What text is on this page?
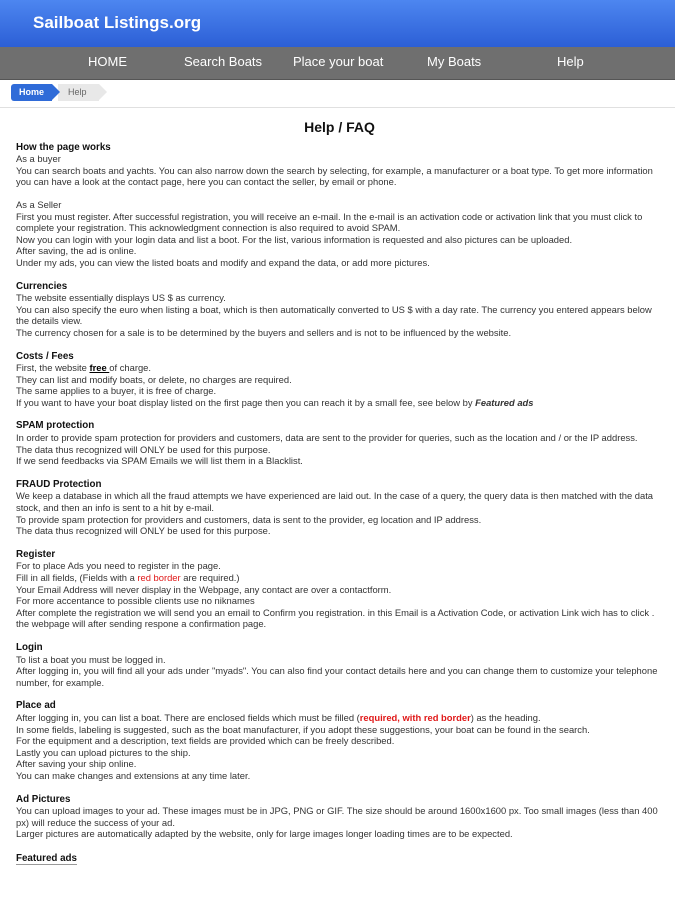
Sailboat Listings.org
HOME	Search Boats Place your boat	My Boats	Help
Help
Home
Help / FAQ
How the page works

As a buyer

You can search boats and yachts. You can also narrow down the search by selecting, for example, a manufacturer or a boat type. To get more information you can have a look at the contact page, here you can contact the seller, by email or phone.

As a Seller

First you must register. After successful registration, you will receive an e-mail. In the e-mail is an activation code or activation link that you must click to complete your registration. This acknowledgment connection is also required to avoid SPAM.

Now you can login with your login data and list a boot. For the list, various information is requested and also pictures can be uploaded.

After saving, the ad is online.

Under my ads, you can view the listed boats and modify and expand the data, or add more pictures.

Currencies

The website essentially displays US $ as currency.

You can also specify the euro when listing a boat, which is then automatically converted to US $ with a day rate. The currency you entered appears below the details view.

The currency chosen for a sale is to be determined by the buyers and sellers and is not to be influenced by the website.

Costs / Fees

First, the website free of charge.

They can list and modify boats, or delete, no charges are required.

The same applies to a buyer, it is free of charge.

If you want to have your boat display listed on the first page then you can reach it by a small fee, see below by Featured ads

SPAM protection

In order to provide spam protection for providers and customers, data are sent to the provider for queries, such as the location and / or the IP address.

The data thus recognized will ONLY be used for this purpose.

If we send feedbacks via SPAM Emails we will list them in a Blacklist.

FRAUD Protection

We keep a database in which all the fraud attempts we have experienced are laid out. In the case of a query, the query data is then matched with the data stock, and then an info is sent to a hit by e-mail.

To provide spam protection for providers and customers, data is sent to the provider, eg location and IP address.

The data thus recognized will ONLY be used for this purpose.

Register

For to place Ads you need to register in the page.

Fill in all fields, (Fields with a red border are required.)

Your Email Address will never display in the Webpage, any contact are over a contactform.

For more accentance to possible clients use no niknames

After complete the registration we will send you an email to Confirm you registration. in this Email is a Activation Code, or activation Link wich has to click . the webpage will after sending respone a confirmation page.

Login

To list a boat you must be logged in.

After logging in, you will find all your ads under "myads". You can also find your contact details here and you can change them to customize your telephone number, for example.

Place ad

After logging in, you can list a boat. There are enclosed fields which must be filled (required, with red border) as the heading.

In some fields, labeling is suggested, such as the boat manufacturer, if you adopt these suggestions, your boat can be found in the search.

For the equipment and a description, text fields are provided which can be freely described.

Lastly you can upload pictures to the ship.

After saving your ship online.

You can make changes and extensions at any time later.

Ad Pictures

You can upload images to your ad. These images must be in JPG, PNG or GIF. The size should be around 1600x1600 px. Too small images (less than 400 px) will reduce the success of your ad.

Larger pictures are automatically adapted by the website, only for large images longer loading times are to be expected.

Featured ads
